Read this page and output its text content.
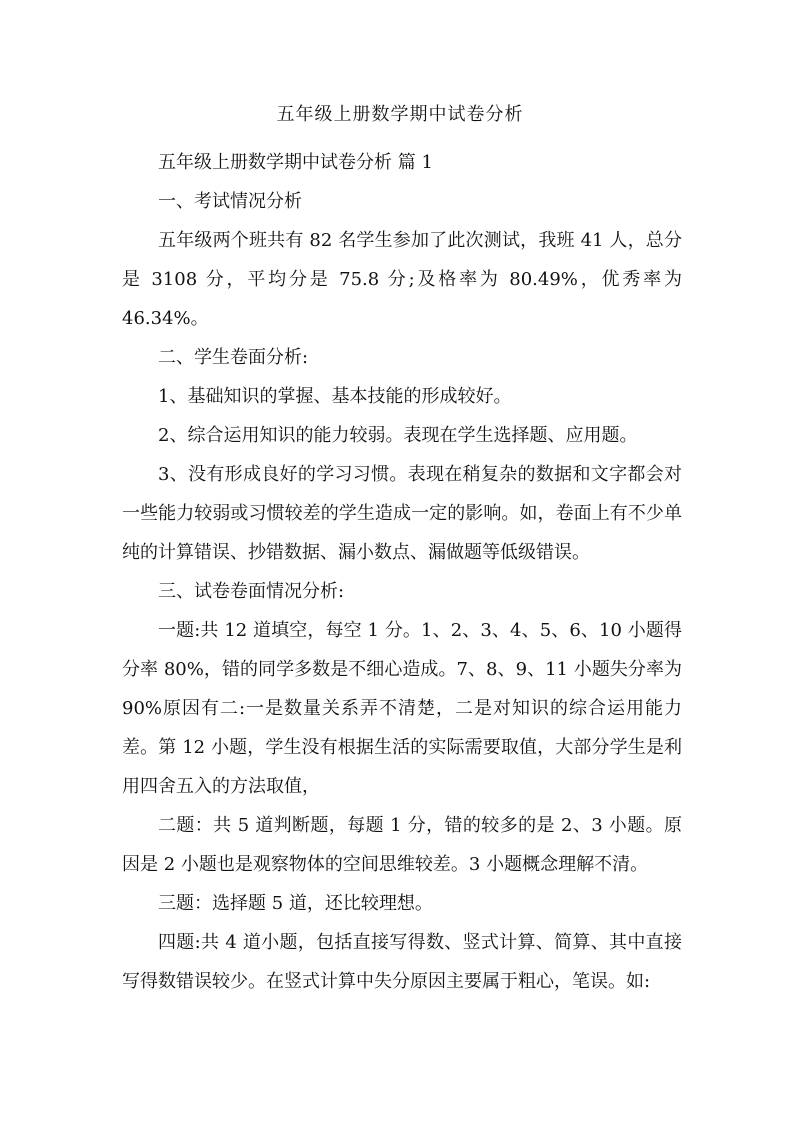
五年级上册数学期中试卷分析

五年级上册数学期中试卷分析 篇 1

一、考试情况分析

五年级两个班共有 82 名学生参加了此次测试，我班 41 人，总分是 3108 分，平均分是 75.8 分;及格率为 80.49%，优秀率为 46.34%。

二、学生卷面分析:

1、基础知识的掌握、基本技能的形成较好。

2、综合运用知识的能力较弱。表现在学生选择题、应用题。

3、没有形成良好的学习习惯。表现在稍复杂的数据和文字都会对一些能力较弱或习惯较差的学生造成一定的影响。如，卷面上有不少单纯的计算错误、抄错数据、漏小数点、漏做题等低级错误。

三、试卷卷面情况分析:

一题:共 12 道填空，每空 1 分。1、2、3、4、5、6、10 小题得分率 80%，错的同学多数是不细心造成。7、8、9、11 小题失分率为 90%原因有二:一是数量关系弄不清楚，二是对知识的综合运用能力差。第 12 小题，学生没有根据生活的实际需要取值，大部分学生是利用四舍五入的方法取值，

二题：共 5 道判断题，每题 1 分，错的较多的是 2、3 小题。原因是 2 小题也是观察物体的空间思维较差。3 小题概念理解不清。

三题：选择题 5 道，还比较理想。

四题:共 4 道小题，包括直接写得数、竖式计算、简算、其中直接写得数错误较少。在竖式计算中失分原因主要属于粗心，笔误。如:
